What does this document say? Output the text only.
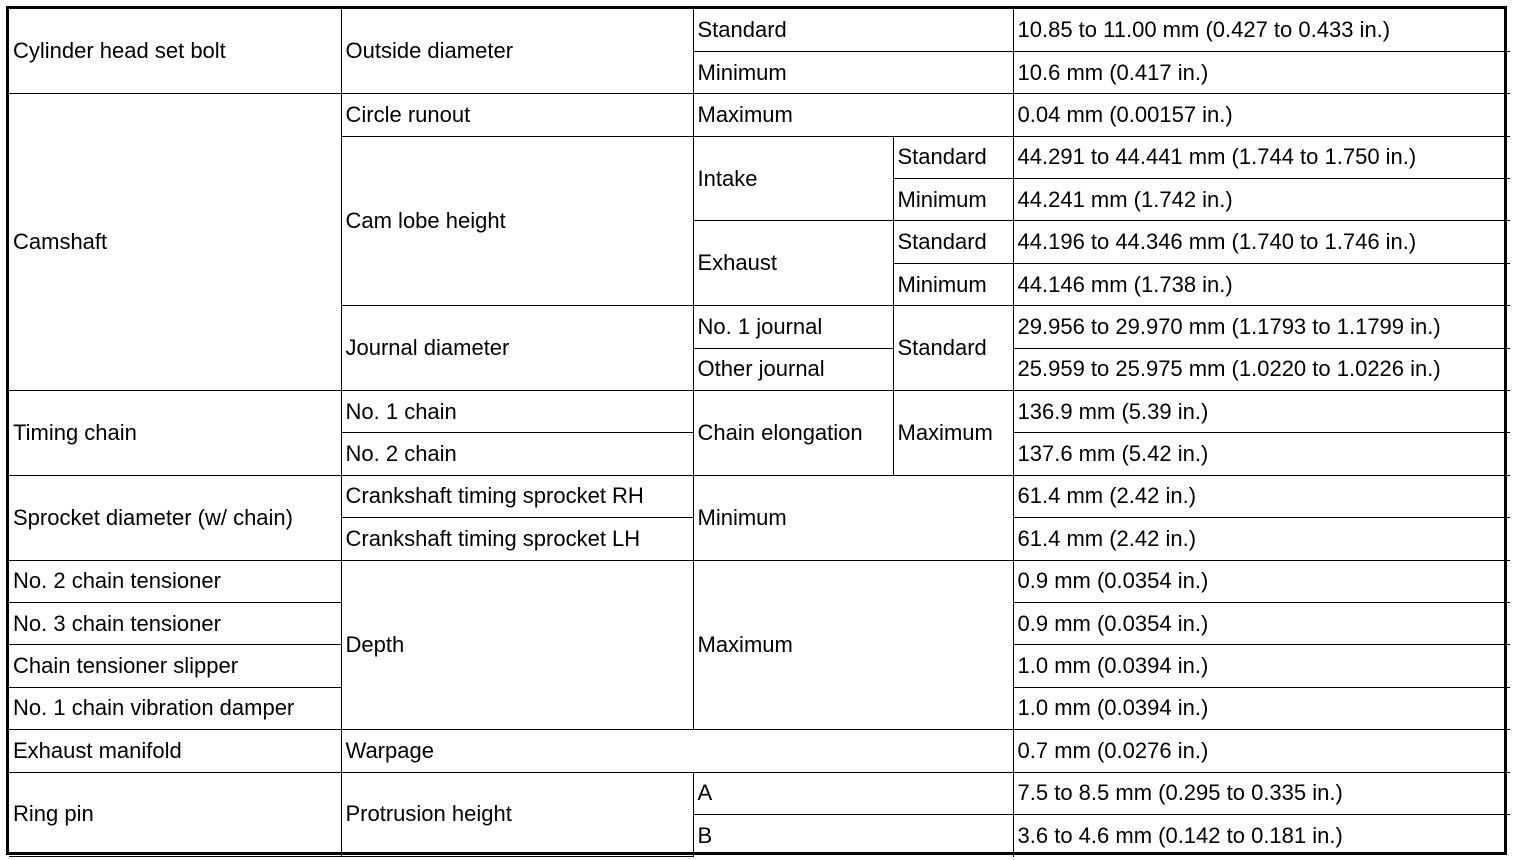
Cylinder head set bolt	Outside diameter	Standard		10.85 to 11.00 mm (0.427 to 0.433 in.)
		Minimum		10.6 mm (0.417 in.)
Camshaft	Circle runout	Maximum		0.04 mm (0.00157 in.)
	Cam lobe height	Intake	Standard	44.291 to 44.441 mm (1.744 to 1.750 in.)
			Minimum	44.241 mm (1.742 in.)
		Exhaust	Standard	44.196 to 44.346 mm (1.740 to 1.746 in.)
			Minimum	44.146 mm (1.738 in.)
	Journal diameter	No. 1 journal	Standard	29.956 to 29.970 mm (1.1793 to 1.1799 in.)
		Other journal		25.959 to 25.975 mm (1.0220 to 1.0226 in.)
Timing chain	No. 1 chain	Chain elongation	Maximum	136.9 mm (5.39 in.)
	No. 2 chain			137.6 mm (5.42 in.)
Sprocket diameter (w/ chain)	Crankshaft timing sprocket RH	Minimum		61.4 mm (2.42 in.)
	Crankshaft timing sprocket LH			61.4 mm (2.42 in.)
No. 2 chain tensioner	Depth	Maximum		0.9 mm (0.0354 in.)
No. 3 chain tensioner				0.9 mm (0.0354 in.)
Chain tensioner slipper				1.0 mm (0.0394 in.)
No. 1 chain vibration damper				1.0 mm (0.0394 in.)
Exhaust manifold	Warpage			0.7 mm (0.0276 in.)
Ring pin	Protrusion height	A		7.5 to 8.5 mm (0.295 to 0.335 in.)
		B		3.6 to 4.6 mm (0.142 to 0.181 in.)
